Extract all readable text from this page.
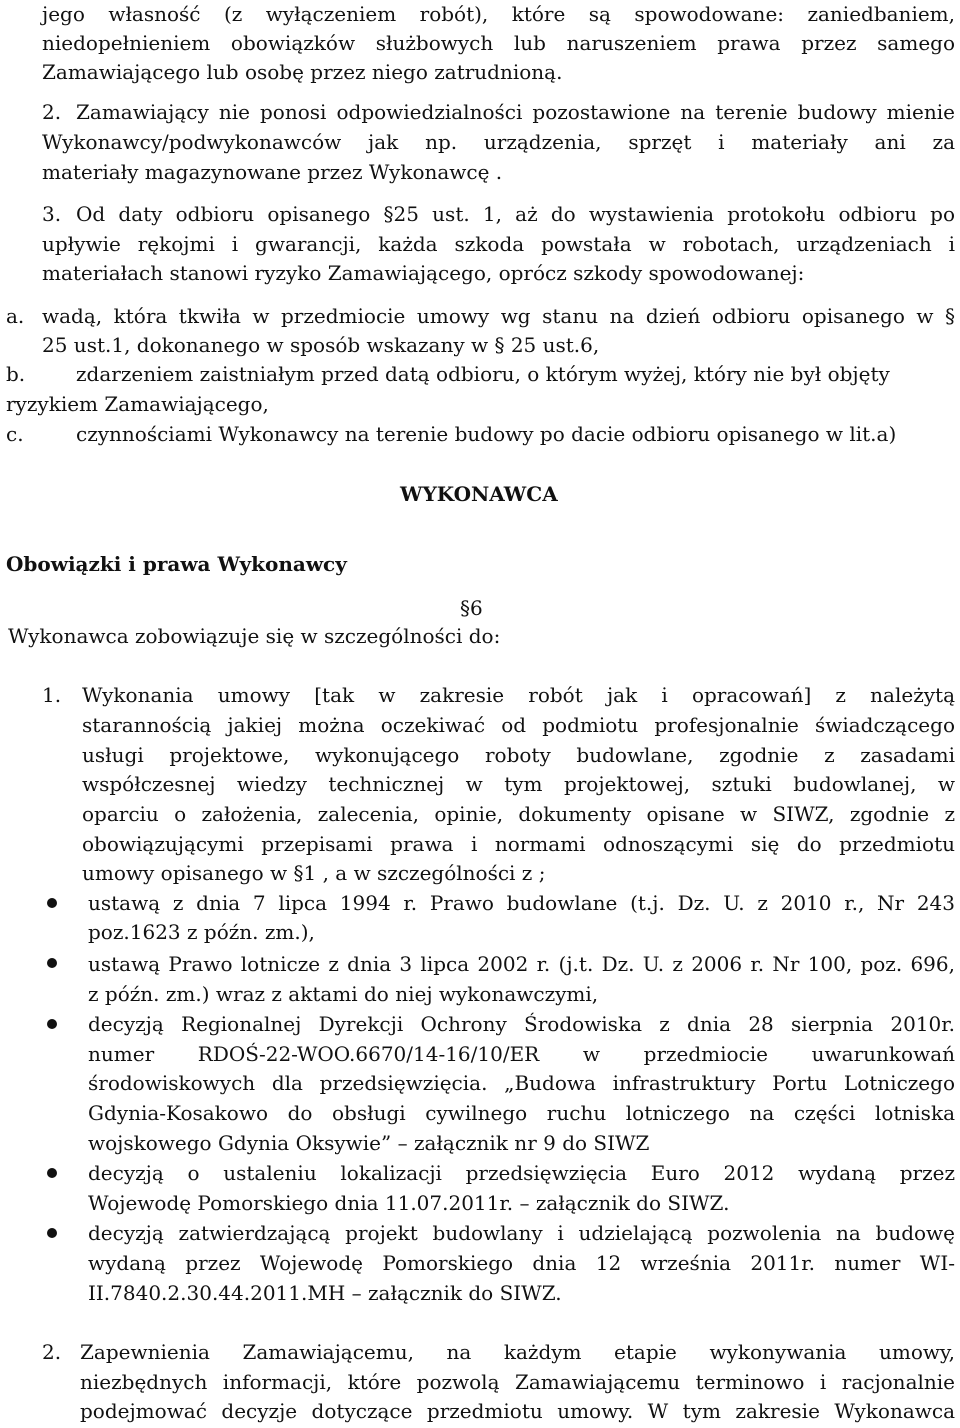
jego własność (z wyłączeniem robót), które są spowodowane: zaniedbaniem,
niedopełnieniem obowiązków służbowych lub naruszeniem prawa przez samego
Zamawiającego lub osobę przez niego zatrudnioną.
2. Zamawiający nie ponosi odpowiedzialności pozostawione na terenie budowy mienie
Wykonawcy/podwykonawców jak np. urządzenia, sprzęt i materiały ani za
materiały magazynowane przez Wykonawcę .
3. Od daty odbioru opisanego §25 ust. 1, aż do wystawienia protokołu odbioru po
upływie rękojmi i gwarancji, każda szkoda powstała w robotach, urządzeniach i
materiałach stanowi ryzyko Zamawiającego, oprócz szkody spowodowanej:
a. wadą, która tkwiła w przedmiocie umowy wg stanu na dzień odbioru opisanego w §
25 ust.1, dokonanego w sposób wskazany w § 25 ust.6,
b.	zdarzeniem zaistniałym przed datą odbioru, o którym wyżej, który nie był objęty
ryzykiem Zamawiającego,
c.	czynnościami Wykonawcy na terenie budowy po dacie odbioru opisanego w lit.a)
WYKONAWCA
Obowiązki i prawa Wykonawcy
§6
Wykonawca zobowiązuje się w szczególności do:
1. Wykonania umowy [tak w zakresie robót jak i opracowań] z należytą
starannością jakiej można oczekiwać od podmiotu profesjonalnie świadczącego
usługi projektowe, wykonującego roboty budowlane, zgodnie z zasadami
współczesnej wiedzy technicznej w tym projektowej, sztuki budowlanej, w
oparciu o założenia, zalecenia, opinie, dokumenty opisane w SIWZ, zgodnie z
obowiązującymi przepisami prawa i normami odnoszącymi się do przedmiotu
umowy opisanego w §1 , a w szczególności z ;
ustawą z dnia 7 lipca 1994 r. Prawo budowlane (t.j. Dz. U. z 2010 r., Nr 243
poz.1623 z późn. zm.),
ustawą Prawo lotnicze z dnia 3 lipca 2002 r. (j.t. Dz. U. z 2006 r. Nr 100, poz. 696,
z późn. zm.) wraz z aktami do niej wykonawczymi,
decyzją Regionalnej Dyrekcji Ochrony Środowiska z dnia 28 sierpnia 2010r.
numer RDOŚ-22-WOO.6670/14-16/10/ER w przedmiocie uwarunkowań
środowiskowych dla przedsięwzięcia. „Budowa infrastruktury Portu Lotniczego
Gdynia-Kosakowo do obsługi cywilnego ruchu lotniczego na części lotniska
wojskowego Gdynia Oksywie” – załącznik nr 9 do SIWZ
decyzją o ustaleniu lokalizacji przedsięwzięcia Euro 2012 wydaną przez
Wojewodę Pomorskiego dnia 11.07.2011r. – załącznik do SIWZ.
decyzją zatwierdzającą projekt budowlany i udzielającą pozwolenia na budowę
wydaną przez Wojewodę Pomorskiego dnia 12 września 2011r. numer WI-
II.7840.2.30.44.2011.MH – załącznik do SIWZ.
2. Zapewnienia Zamawiającemu, na każdym etapie wykonywania umowy,
niezbędnych informacji, które pozwolą Zamawiającemu terminowo i racjonalnie
podejmować decyzje dotyczące przedmiotu umowy. W tym zakresie Wykonawca
